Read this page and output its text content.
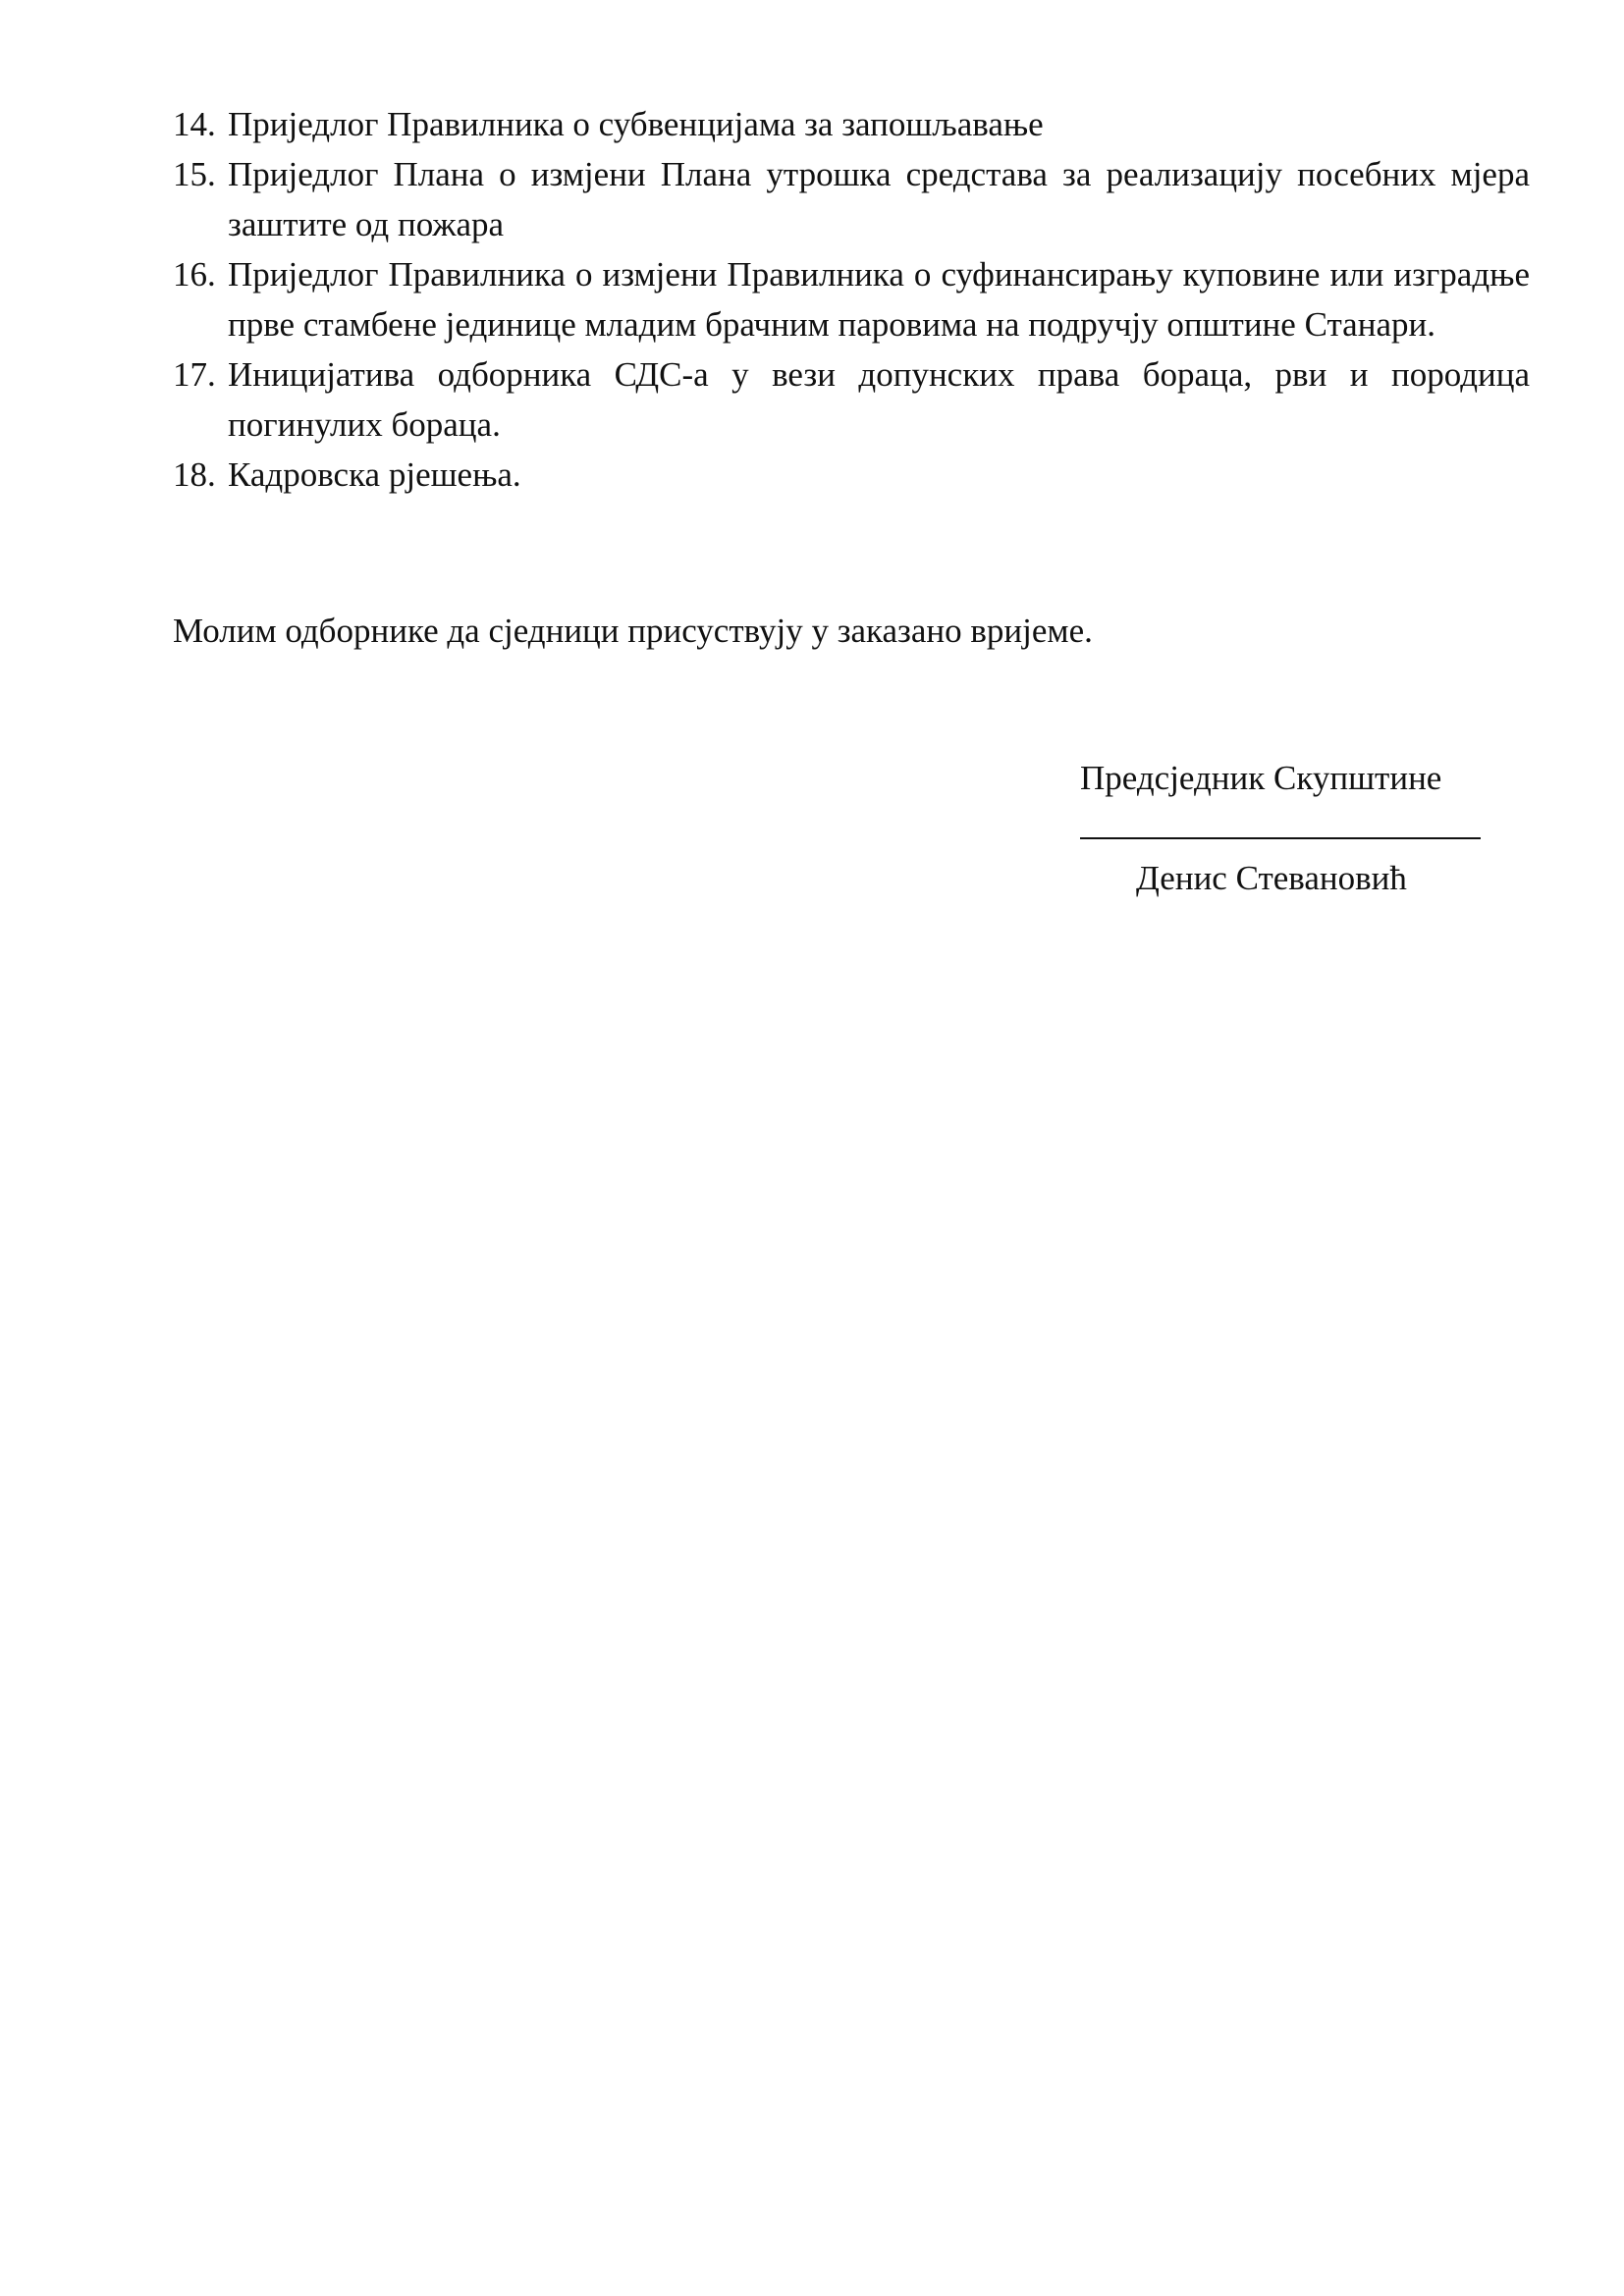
14. Приједлог Правилника о субвенцијама за запошљавање
15. Приједлог Плана о измјени Плана утрошка средстава за реализацију посебних мјера заштите од пожара
16. Приједлог Правилника о измјени Правилника о суфинансирању куповине или изградње прве стамбене јединице младим брачним паровима на подручју општине Станари.
17. Иницијатива одборника СДС-а у вези допунских права бораца, рви и породица погинулих бораца.
18. Кадровска рјешења.

Молим одборнике да сједници присуствују у заказано вријеме.

Предсједник Скупштине
Денис Стевановић
